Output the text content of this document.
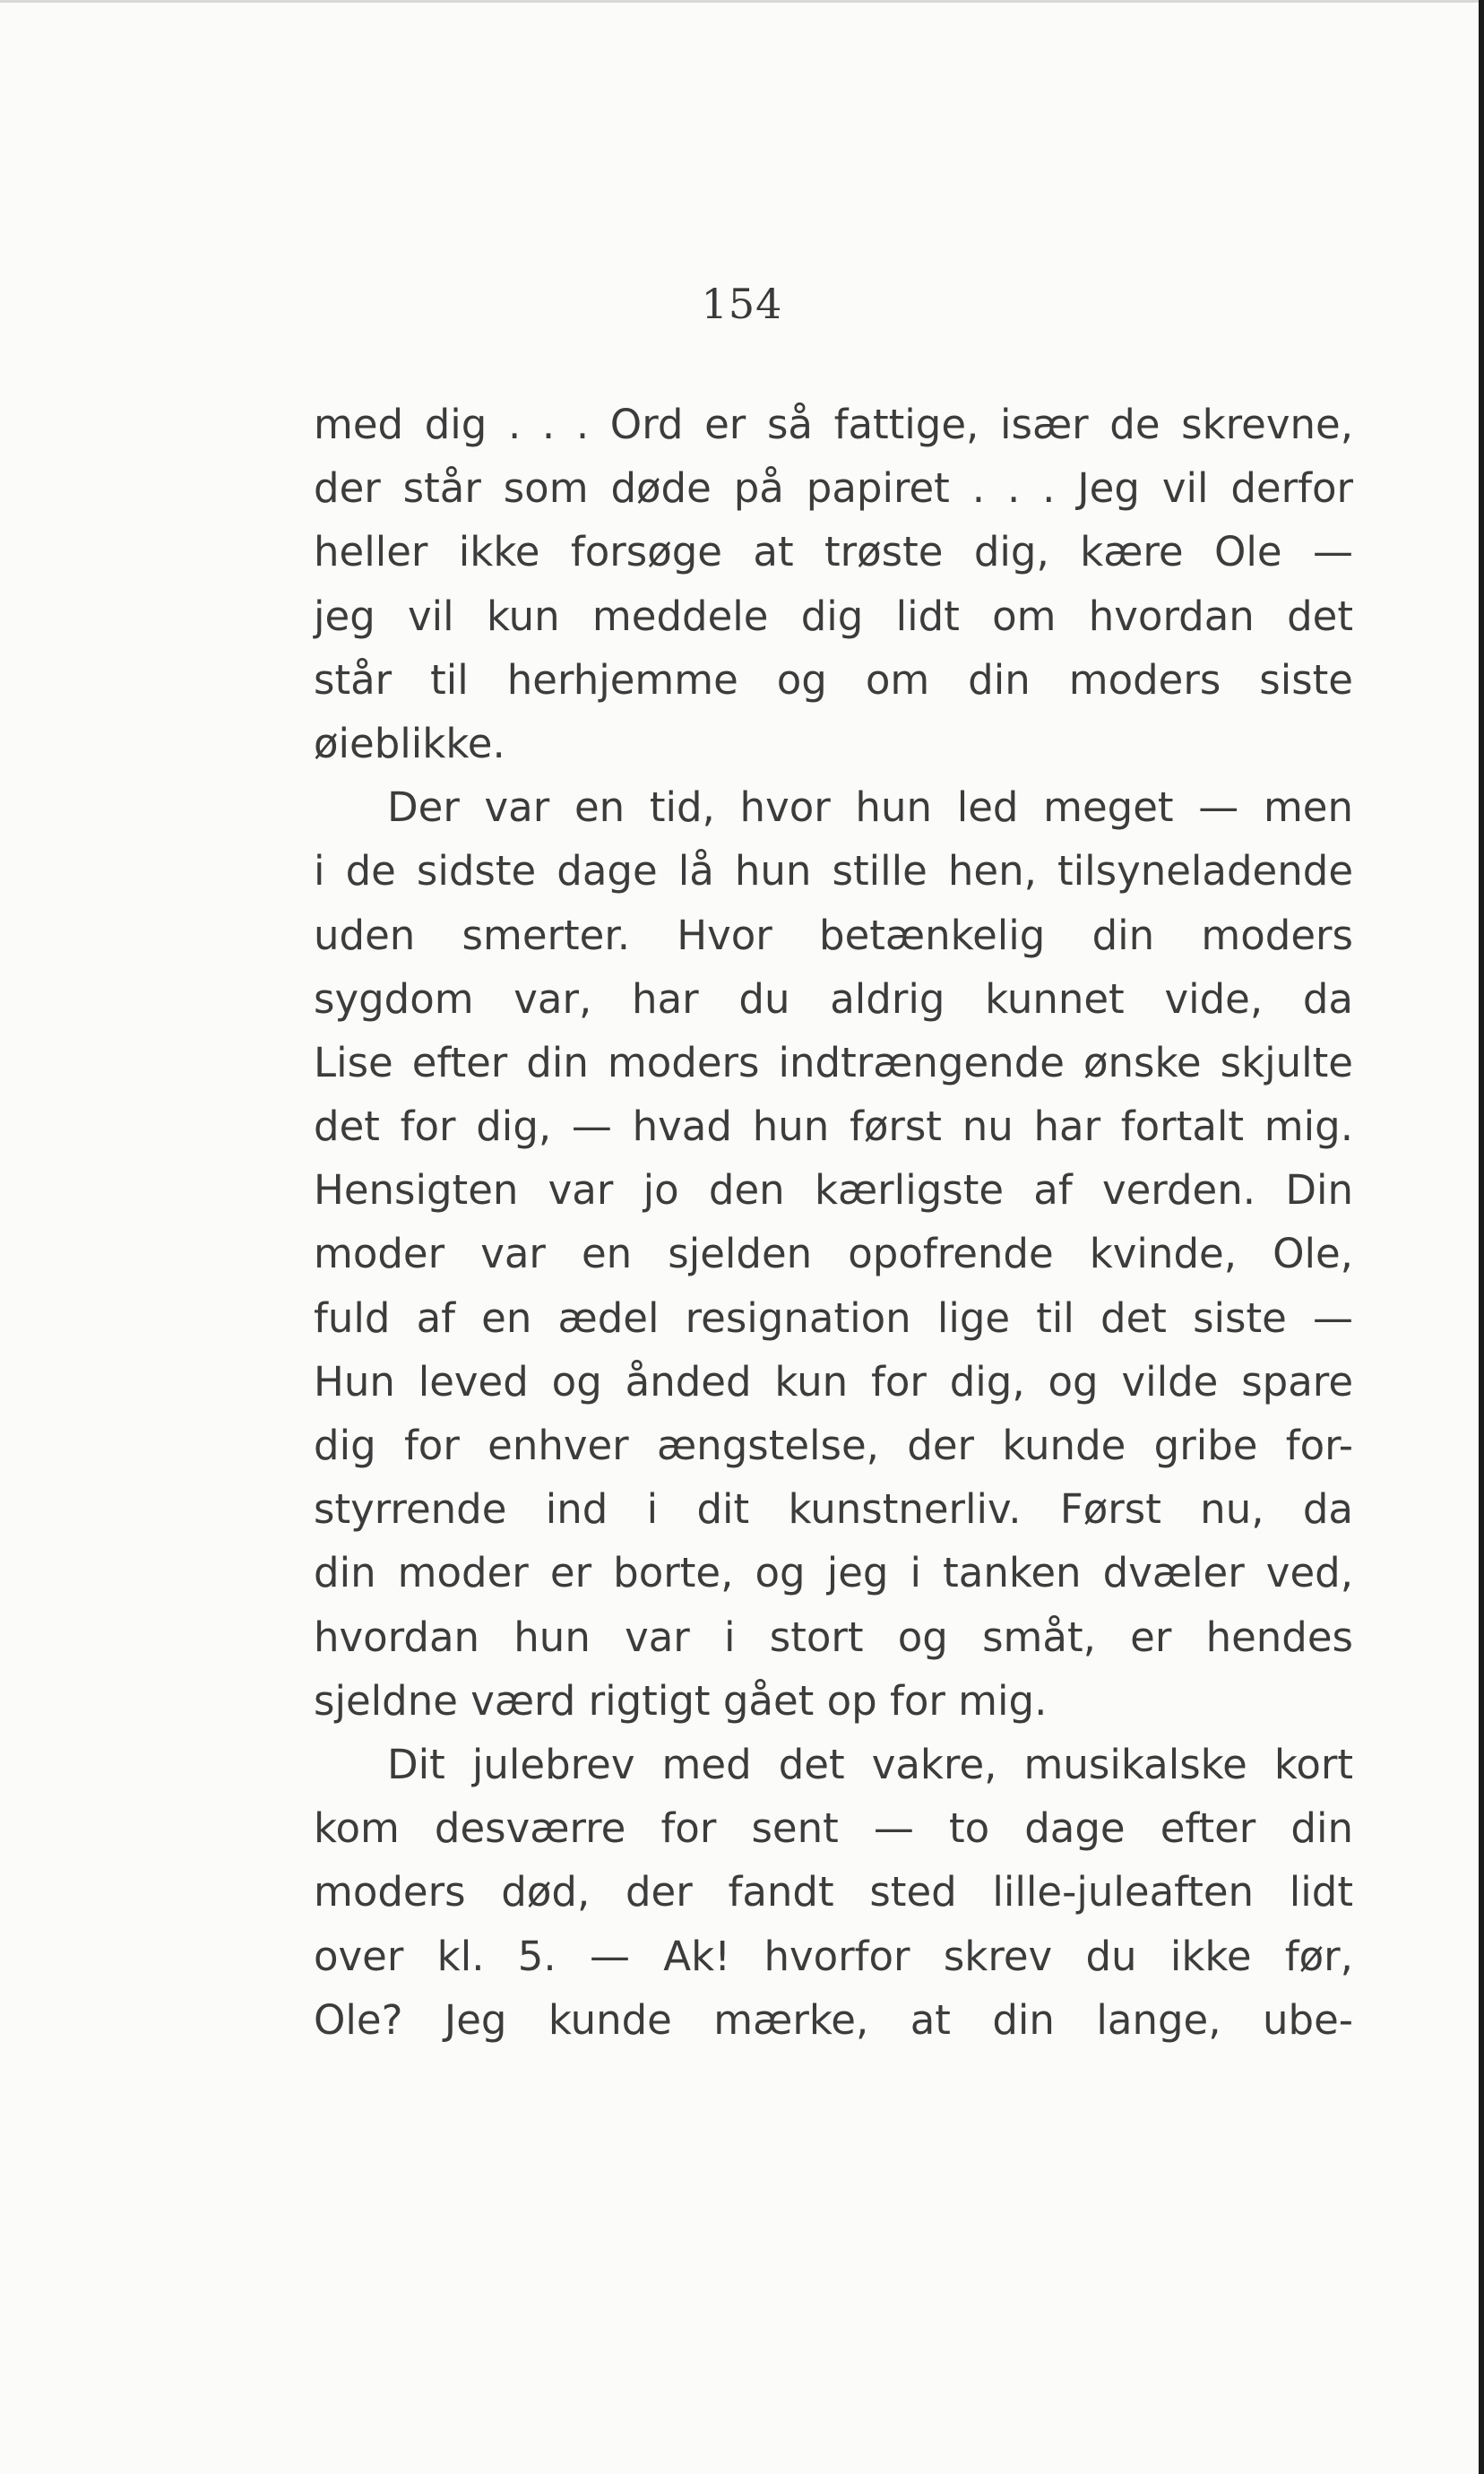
154
med dig . . . Ord er så fattige, især de skrevne,
der står som døde på papiret . . . Jeg vil derfor
heller ikke forsøge at trøste dig, kære Ole —
jeg vil kun meddele dig lidt om hvordan det
står til herhjemme og om din moders siste
øieblikke.
Der var en tid, hvor hun led meget — men
i de sidste dage lå hun stille hen, tilsyneladende
uden smerter. Hvor betænkelig din moders
sygdom var, har du aldrig kunnet vide, da
Lise efter din moders indtrængende ønske skjulte
det for dig, — hvad hun først nu har fortalt mig.
Hensigten var jo den kærligste af verden. Din
moder var en sjelden opofrende kvinde, Ole,
fuld af en ædel resignation lige til det siste —
Hun leved og ånded kun for dig, og vilde spare
dig for enhver ængstelse, der kunde gribe for-
styrrende ind i dit kunstnerliv. Først nu, da
din moder er borte, og jeg i tanken dvæler ved,
hvordan hun var i stort og småt, er hendes
sjeldne værd rigtigt gået op for mig.
Dit julebrev med det vakre, musikalske kort
kom desværre for sent — to dage efter din
moders død, der fandt sted lille-juleaften lidt
over kl. 5. — Ak! hvorfor skrev du ikke før,
Ole? Jeg kunde mærke, at din lange, ube-
